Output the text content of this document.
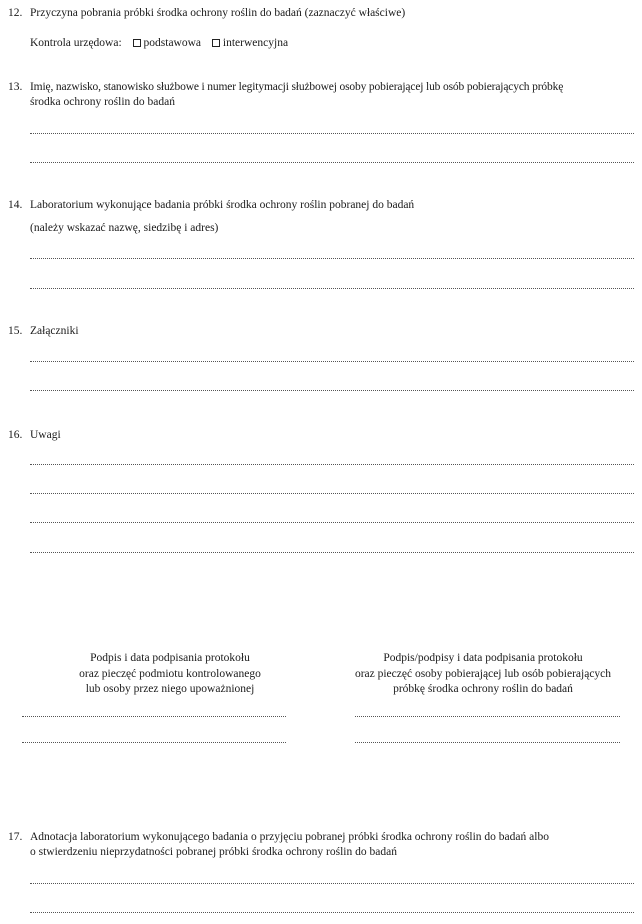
12. Przyczyna pobrania próbki środka ochrony roślin do badań (zaznaczyć właściwe)
Kontrola urzędowa: podstawowa interwencyjna
13. Imię, nazwisko, stanowisko służbowe i numer legitymacji służbowej osoby pobierającej lub osób pobierających próbkę
środka ochrony roślin do badań
14. Laboratorium wykonujące badania próbki środka ochrony roślin pobranej do badań
(należy wskazać nazwę, siedzibę i adres)
15. Załączniki
16. Uwagi
Podpis i data podpisania protokołu
oraz pieczęć podmiotu kontrolowanego
lub osoby przez niego upoważnionej
Podpis/podpisy i data podpisania protokołu
oraz pieczęć osoby pobierającej lub osób pobierających
próbkę środka ochrony roślin do badań
17. Adnotacja laboratorium wykonującego badania o przyjęciu pobranej próbki środka ochrony roślin do badań albo
o stwierdzeniu nieprzydatności pobranej próbki środka ochrony roślin do badań
